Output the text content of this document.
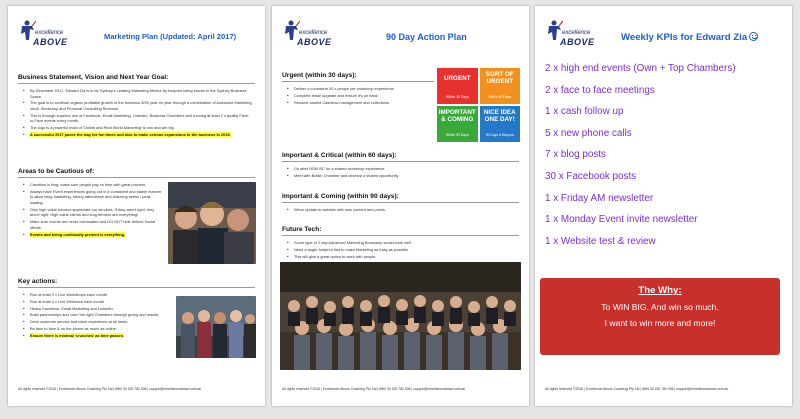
excellence
ABOVE
Marketing Plan (Updated: April 2017)
Business Statement, Vision and Next Year Goal:
• By December 2017, Edward Zia is to be Sydney's Leading Marketing Mentor by footprint being known in the Sydney Business Space.
• The goal is to continue organic profitable growth of the business 30% year on year through a combination of Awesome Marketing Vault, Workshop and Personal Consulting Revenue.
• This is through superior use of Facebook, Email Marketing, LinkedIn, Business Chambers and running at least 2 x quality Face-to-Face events every month.
• The logo is a powerful mold of 'Online and Real World Marketing' to win and win big.
• A successful 2017 paves the way for fun times and also to make serious expansions to the business in 2018.
Areas to be Cautious of:
• Cashflow is king; make sure people pay on time with great process.
• Always have Event experiences going out in a consistent and stable manner to allow easy marketing, strong attendance and reducing stress / peak loading.
• Only high value winners appreciate our services. If they aren't right; they aren't right. High value clients and long termers are everything!
• Make sure events are never overloaded and DO NOT hide behind Social Media.
• Events and being continually present is everything.
Key actions:
• Run at least 2 x Live Workshops each month.
• Run at least 2 x Live Webinars each month.
• Heavy Facebook, Email Marketing and LinkedIn.
• Build partnerships and 'own' the right Chambers through giving and results.
• Drive customer service and client experience at all times.
• Be face to face & on the phone as much as online.
• Ensure there is minimal 'crunches' as time passes.
All rights reserved ©2016 | Excellence Above Coaching Pty Ltd | ABN 33 150 780 006 | support@excellenceabove.com.au
excellence
ABOVE	90 Day Action Plan
Urgent (within 30 days):
• Deliver a consistent 20 x people per workshop experience.
• Complete email upgrade and ensure it's on track.
• Resume careful Cashflow management and collections.
URGENT
Within 30 Days
SORT OF URGENT
Within 60 Days
IMPORTANT & COMING
Within 90 Days
NICE IDEA ONE DAY!
90 Days & Beyond
Important & Critical (within 60 days):
• Go after NSW BC for a shared workshop experience.
• Meet with British Chamber and develop a shared opportunity.
Important & Coming (within 90 days):
• Winor update to website with new content and points.
Future Tech:
• Some type of 2 day Advanced Marketing Bootcamp would work well.
• Need a larger footprint first to make Marketing as easy as possible.
• This will give a great option to work with people.
All rights reserved ©2016 | Excellence Above Coaching Pty Ltd | ABN 33 150 780 006 | support@excellenceabove.com.au
excellence
ABOVE	Weekly KPIs for Edward Zia
2 x high end events (Own + Top Chambers)
2 x face to face meetings
1 x cash follow up
5 x new phone calls
7 x blog posts
30 x Facebook posts
1 x Friday AM newsletter
1 x Monday Event invite newsletter
1 x Website test & review
The Why:
To WIN BIG. And win so much.
I want to win more and more!
All rights reserved ©2016 | Excellence Above Coaching Pty Ltd | ABN 33 150 780 006 | support@excellenceabove.com.au
